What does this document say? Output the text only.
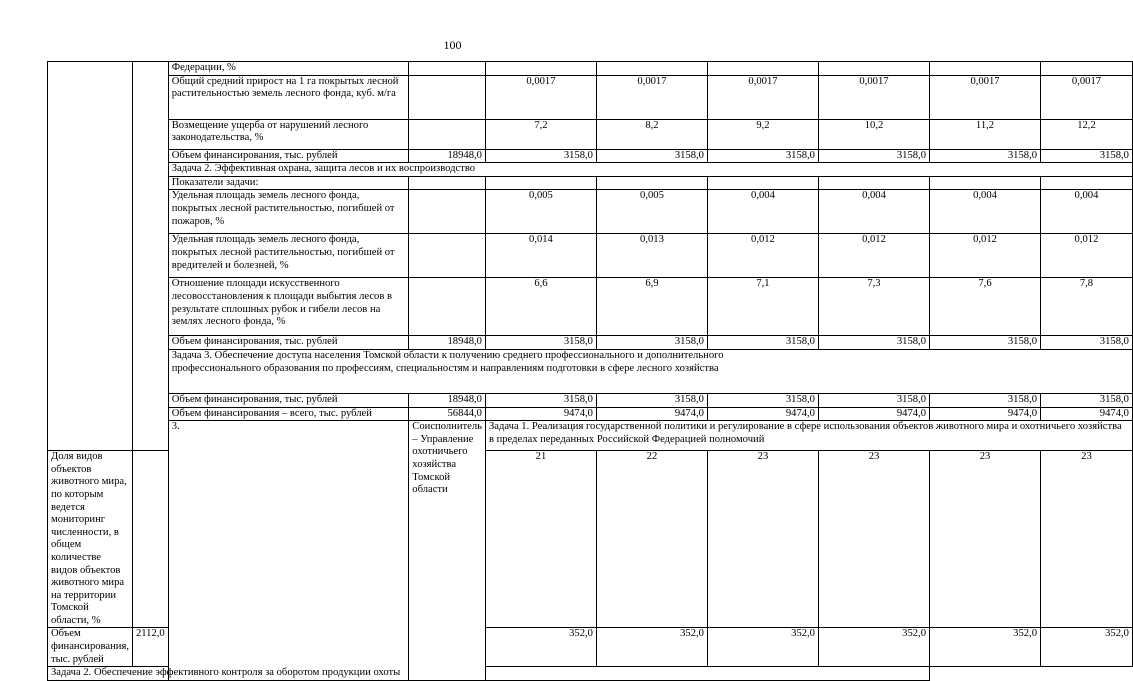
100
		Федерации, %							
		Общий средний прирост на 1 га покрытых лесной растительностью земель лесного фонда, куб. м/га		0,0017	0,0017	0,0017	0,0017	0,0017	0,0017
		Возмещение ущерба от нарушений лесного законодательства, %		7,2	8,2	9,2	10,2	11,2	12,2
		Объем финансирования, тыс. рублей	18948,0	3158,0	3158,0	3158,0	3158,0	3158,0	3158,0
		Задача 2. Эффективная охрана, защита лесов и их воспроизводство							
		Показатели задачи:							
		Удельная площадь земель лесного фонда, покрытых лесной растительностью, погибшей от пожаров, %		0,005	0,005	0,004	0,004	0,004	0,004
		Удельная площадь земель лесного фонда, покрытых лесной растительностью, погибшей от вредителей и болезней, %		0,014	0,013	0,012	0,012	0,012	0,012
		Отношение площади искусственного лесовосстановления к площади выбытия лесов в результате сплошных рубок и гибели лесов на землях лесного фонда, %		6,6	6,9	7,1	7,3	7,6	7,8
		Объем финансирования, тыс. рублей	18948,0	3158,0	3158,0	3158,0	3158,0	3158,0	3158,0

		Задача 3. Обеспечение доступа населения Томской области к получению среднего профессионального и дополнительного профессионального образования по профессиям, специальностям и направлениям подготовки в сфере лесного хозяйства							

		Объем финансирования, тыс. рублей	18948,0	3158,0	3158,0	3158,0	3158,0	3158,0	3158,0
		Объем финансирования – всего, тыс. рублей	56844,0	9474,0	9474,0	9474,0	9474,0	9474,0	9474,0
		3.	Соисполнитель – Управление охотничьего хозяйства Томской области	Задача 1. Реализация государственной политики и регулирование в сфере использования объектов животного мира и охотничьего хозяйства в пределах переданных Российской Федерацией полномочий					

Доля видов объектов животного мира, по которым ведется мониторинг численности, в общем количестве видов объектов животного мира на территории Томской области, %				21	22	23	23	23	23
Объем финансирования, тыс. рублей	2112,0			352,0	352,0	352,0	352,0	352,0	352,0
Задача 2. Обеспечение эффективного контроля за оборотом продукции охоты									
